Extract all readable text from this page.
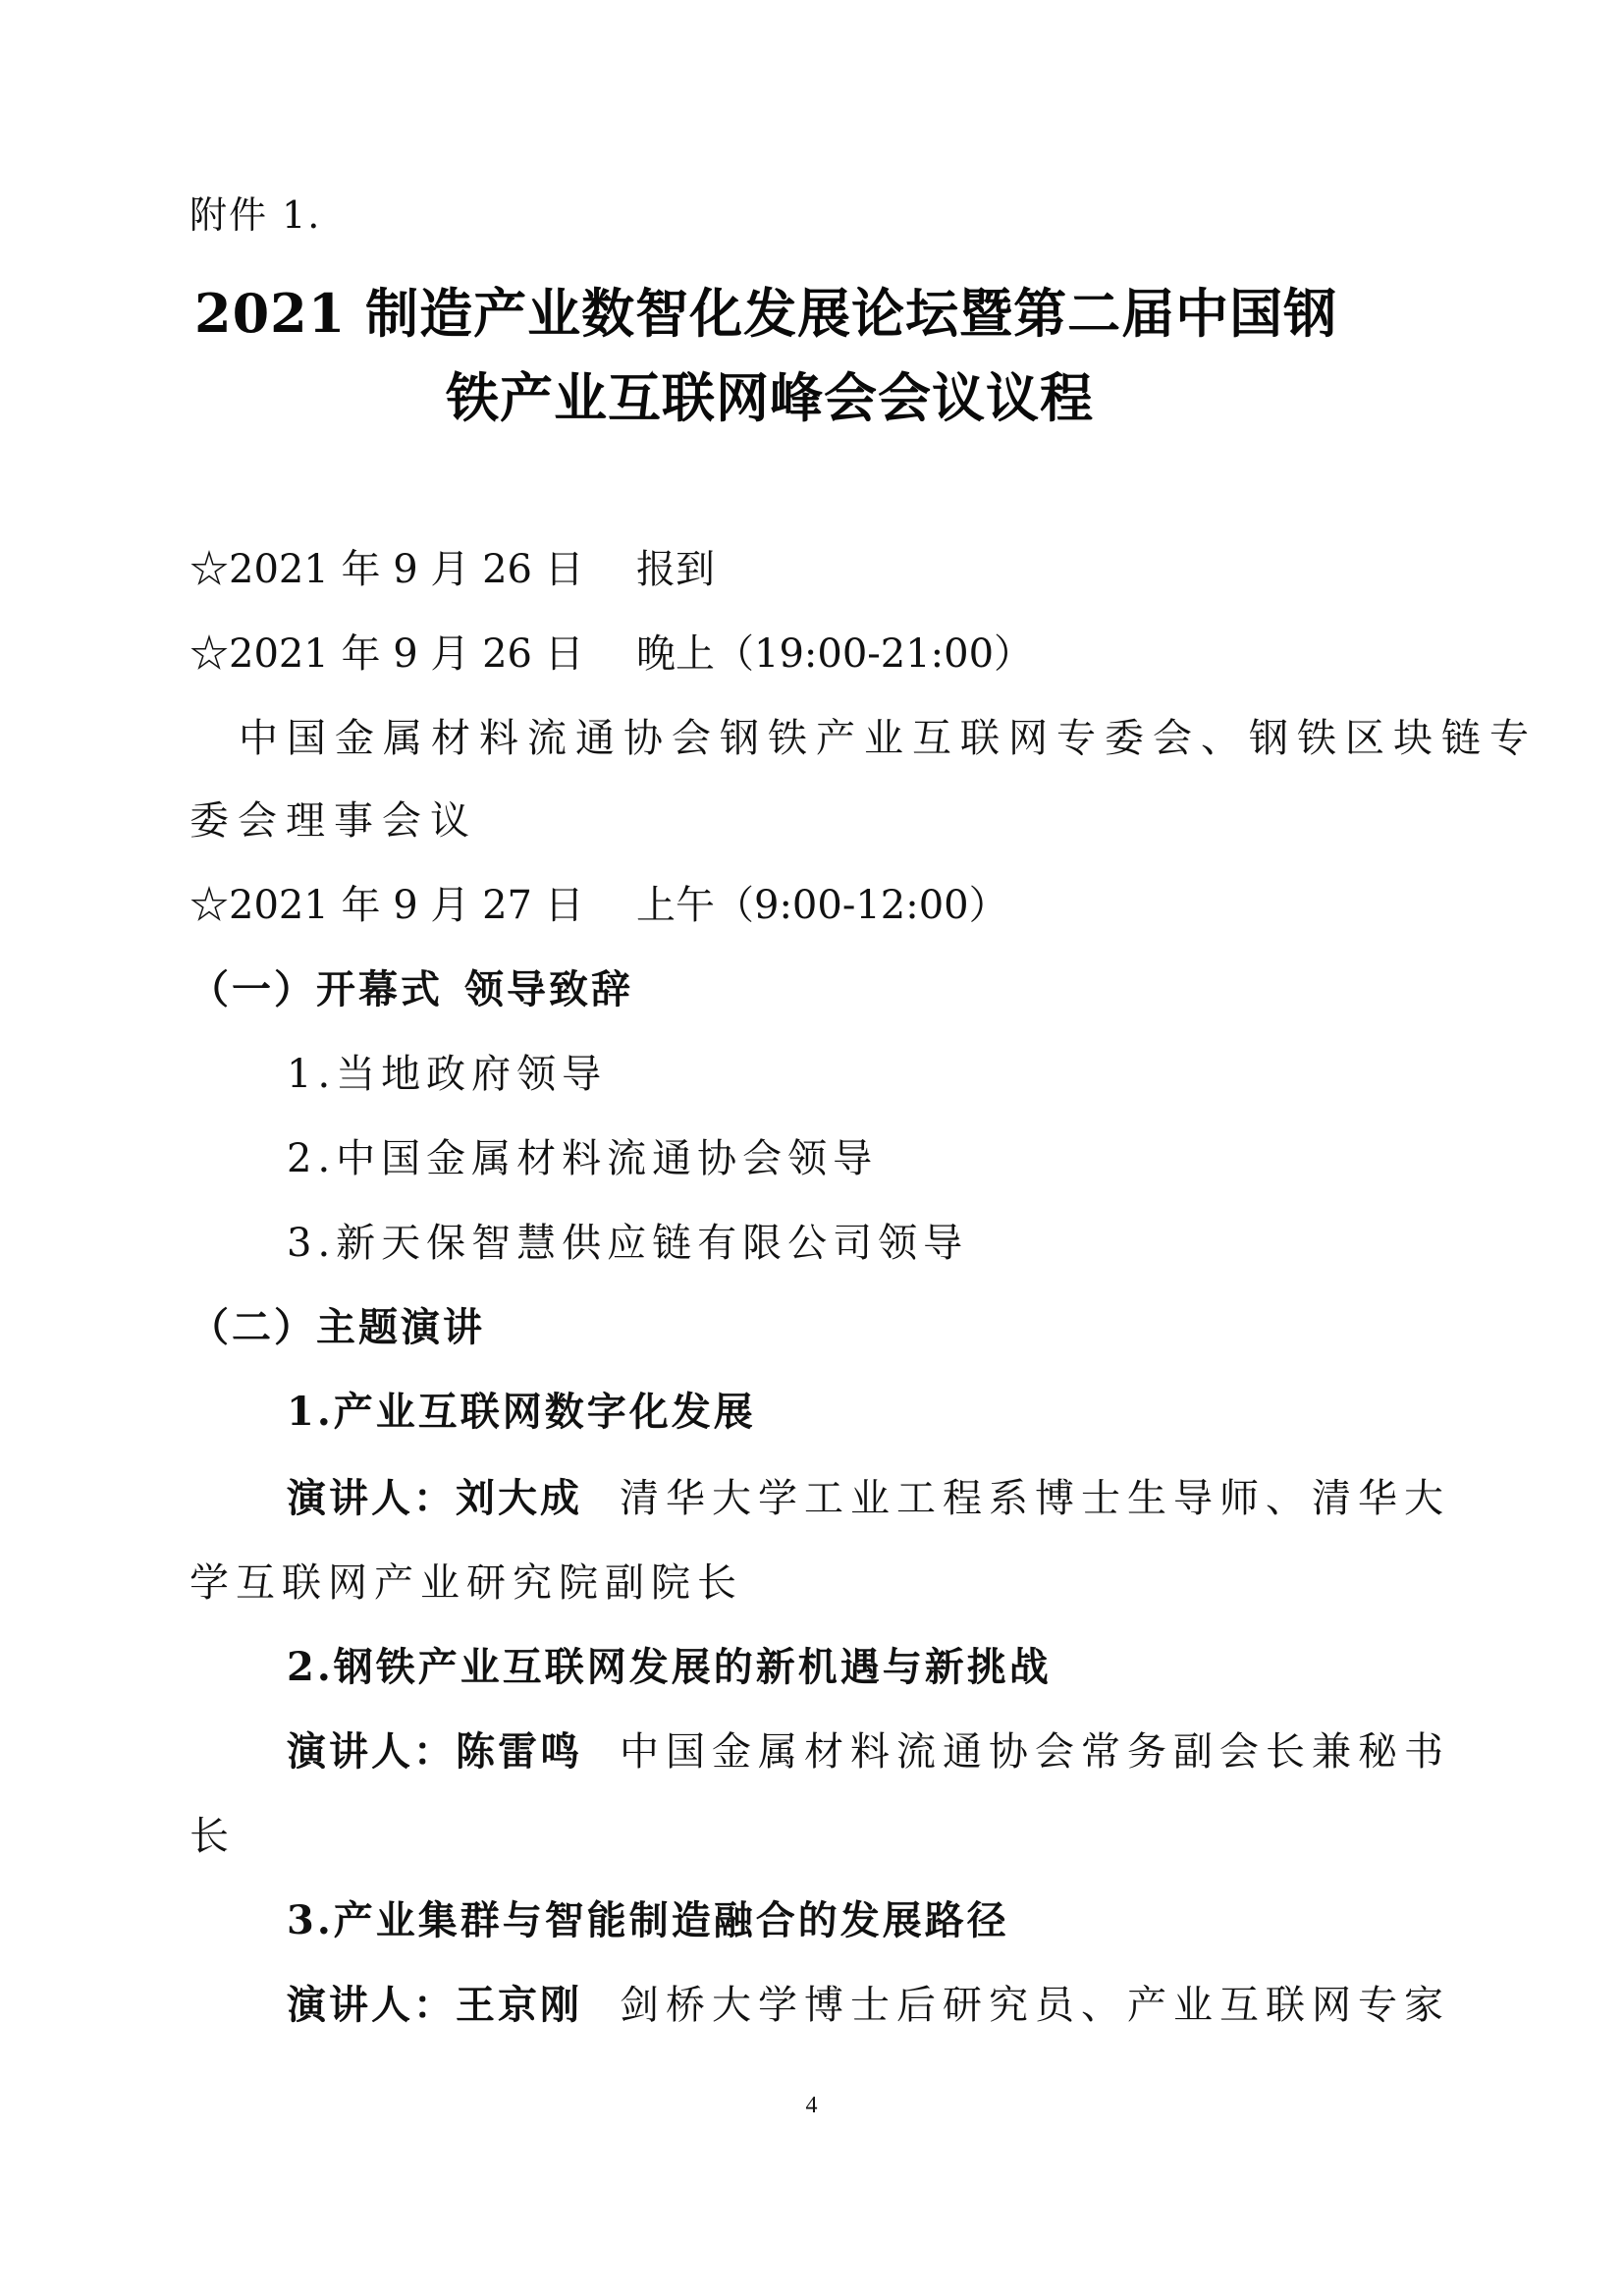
附件 1.
2021 制造产业数智化发展论坛暨第二届中国钢
铁产业互联网峰会会议议程
☆2021 年 9 月 26 日 报到
☆2021 年 9 月 26 日 晚上（19:00-21:00）
中国金属材料流通协会钢铁产业互联网专委会、钢铁区块链专
委会理事会议
☆2021 年 9 月 27 日 上午（9:00-12:00）
（一）开幕式 领导致辞
1.当地政府领导
2.中国金属材料流通协会领导
3.新天保智慧供应链有限公司领导
（二）主题演讲
1.产业互联网数字化发展
演讲人：刘大成 清华大学工业工程系博士生导师、清华大
学互联网产业研究院副院长
2.钢铁产业互联网发展的新机遇与新挑战
演讲人：陈雷鸣 中国金属材料流通协会常务副会长兼秘书
长
3.产业集群与智能制造融合的发展路径
演讲人：王京刚 剑桥大学博士后研究员、产业互联网专家
4
